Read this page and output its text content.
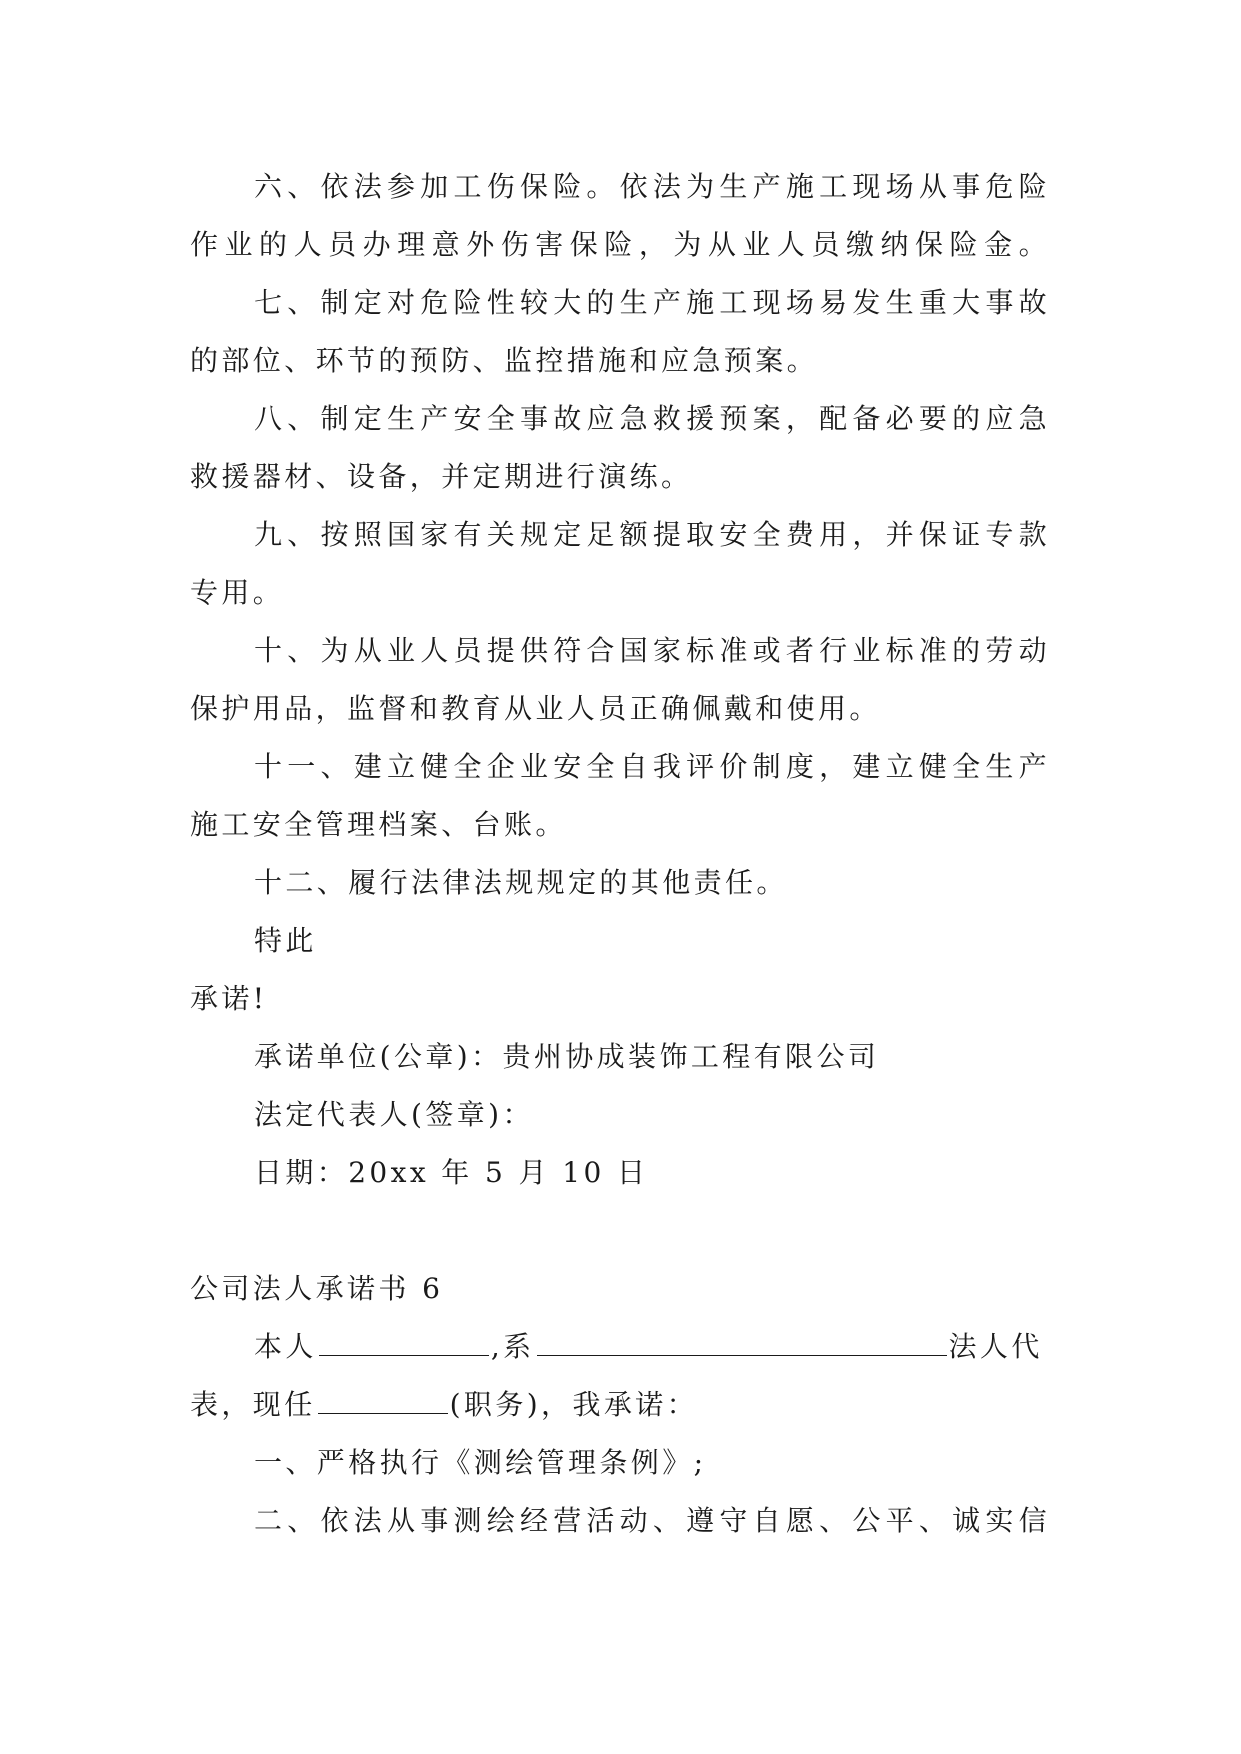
六、依法参加工伤保险。依法为生产施工现场从事危险
作业的人员办理意外伤害保险，为从业人员缴纳保险金。
七、制定对危险性较大的生产施工现场易发生重大事故
的部位、环节的预防、监控措施和应急预案。
八、制定生产安全事故应急救援预案，配备必要的应急
救援器材、设备，并定期进行演练。
九、按照国家有关规定足额提取安全费用，并保证专款
专用。
十、为从业人员提供符合国家标准或者行业标准的劳动
保护用品，监督和教育从业人员正确佩戴和使用。
十一、建立健全企业安全自我评价制度，建立健全生产
施工安全管理档案、台账。
十二、履行法律法规规定的其他责任。
特此
承诺!
承诺单位(公章)：贵州协成装饰工程有限公司
法定代表人(签章)：
日期：20xx 年 5 月 10 日
公司法人承诺书 6
本人	,系	法人代
表，现任	(职务)，我承诺：
一、严格执行《测绘管理条例》;
二、依法从事测绘经营活动、遵守自愿、公平、诚实信
